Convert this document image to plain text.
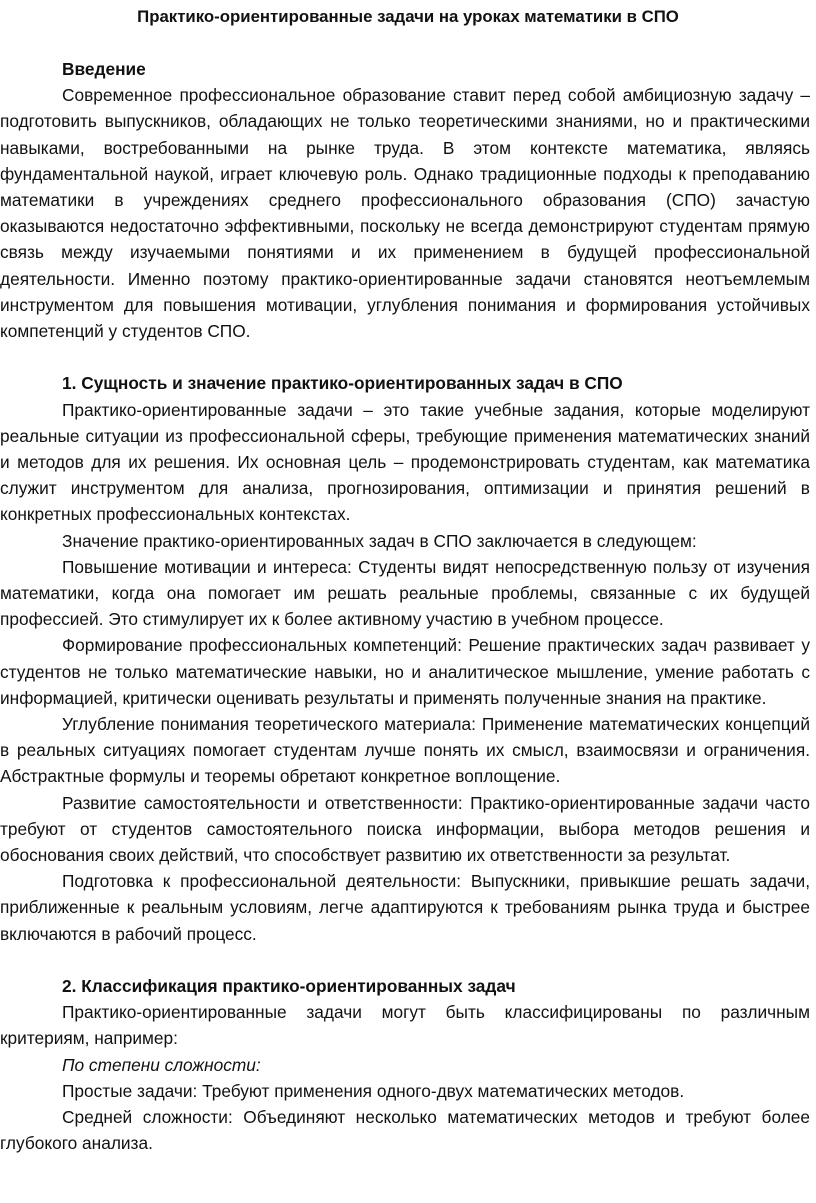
Практико-ориентированные задачи на уроках математики в СПО
Введение

Современное профессиональное образование ставит перед собой амбициозную задачу – подготовить выпускников, обладающих не только теоретическими знаниями, но и практическими навыками, востребованными на рынке труда. В этом контексте математика, являясь фундаментальной наукой, играет ключевую роль. Однако традиционные подходы к преподаванию математики в учреждениях среднего профессионального образования (СПО) зачастую оказываются недостаточно эффективными, поскольку не всегда демонстрируют студентам прямую связь между изучаемыми понятиями и их применением в будущей профессиональной деятельности. Именно поэтому практико-ориентированные задачи становятся неотъемлемым инструментом для повышения мотивации, углубления понимания и формирования устойчивых компетенций у студентов СПО.

1. Сущность и значение практико-ориентированных задач в СПО

Практико-ориентированные задачи – это такие учебные задания, которые моделируют реальные ситуации из профессиональной сферы, требующие применения математических знаний и методов для их решения. Их основная цель – продемонстрировать студентам, как математика служит инструментом для анализа, прогнозирования, оптимизации и принятия решений в конкретных профессиональных контекстах.

Значение практико-ориентированных задач в СПО заключается в следующем:

Повышение мотивации и интереса: Студенты видят непосредственную пользу от изучения математики, когда она помогает им решать реальные проблемы, связанные с их будущей профессией. Это стимулирует их к более активному участию в учебном процессе.

Формирование профессиональных компетенций: Решение практических задач развивает у студентов не только математические навыки, но и аналитическое мышление, умение работать с информацией, критически оценивать результаты и применять полученные знания на практике.

Углубление понимания теоретического материала: Применение математических концепций в реальных ситуациях помогает студентам лучше понять их смысл, взаимосвязи и ограничения. Абстрактные формулы и теоремы обретают конкретное воплощение.

Развитие самостоятельности и ответственности: Практико-ориентированные задачи часто требуют от студентов самостоятельного поиска информации, выбора методов решения и обоснования своих действий, что способствует развитию их ответственности за результат.

Подготовка к профессиональной деятельности: Выпускники, привыкшие решать задачи, приближенные к реальным условиям, легче адаптируются к требованиям рынка труда и быстрее включаются в рабочий процесс.

2. Классификация практико-ориентированных задач

Практико-ориентированные задачи могут быть классифицированы по различным критериям, например:

По степени сложности:

Простые задачи: Требуют применения одного-двух математических методов.

Средней сложности: Объединяют несколько математических методов и требуют более глубокого анализа.
